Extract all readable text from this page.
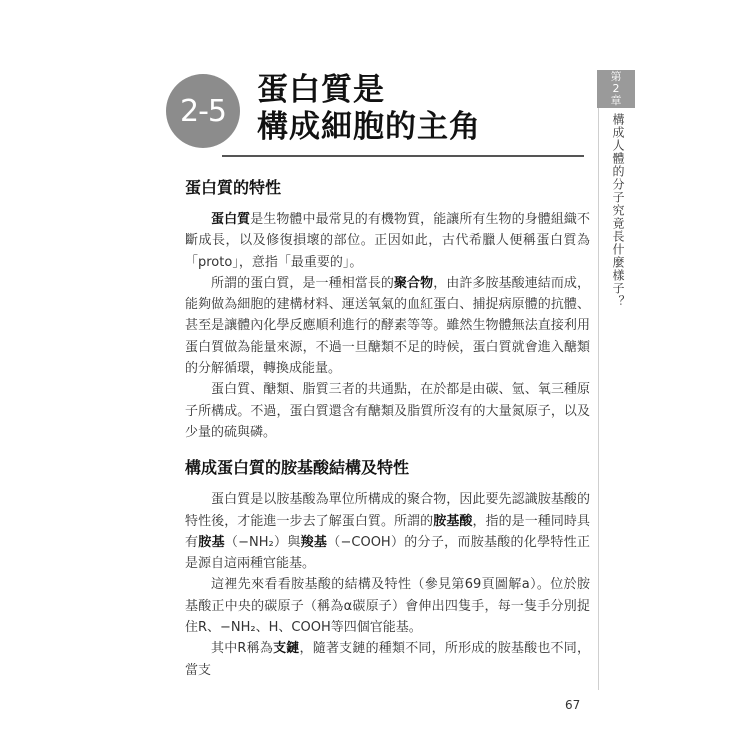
2-5
蛋白質是
構成細胞的主角
第
2
章
構成人體的分子究竟長什麼樣子？
蛋白質的特性

蛋白質是生物體中最常見的有機物質，能讓所有生物的身體組織不斷成長，以及修復損壞的部位。正因如此，古代希臘人便稱蛋白質為「proto」，意指「最重要的」。

所謂的蛋白質，是一種相當長的聚合物，由許多胺基酸連結而成，能夠做為細胞的建構材料、運送氧氣的血紅蛋白、捕捉病原體的抗體、甚至是讓體內化學反應順利進行的酵素等等。雖然生物體無法直接利用蛋白質做為能量來源，不過一旦醣類不足的時候，蛋白質就會進入醣類的分解循環，轉換成能量。

蛋白質、醣類、脂質三者的共通點，在於都是由碳、氫、氧三種原子所構成。不過，蛋白質還含有醣類及脂質所沒有的大量氮原子，以及少量的硫與磷。

構成蛋白質的胺基酸結構及特性

蛋白質是以胺基酸為單位所構成的聚合物，因此要先認識胺基酸的特性後，才能進一步去了解蛋白質。所謂的胺基酸，指的是一種同時具有胺基（−NH₂）與羧基（−COOH）的分子，而胺基酸的化學特性正是源自這兩種官能基。

這裡先來看看胺基酸的結構及特性（參見第69頁圖解a）。位於胺基酸正中央的碳原子（稱為α碳原子）會伸出四隻手，每一隻手分別捉住R、−NH₂、H、COOH等四個官能基。

其中R稱為支鏈，隨著支鏈的種類不同，所形成的胺基酸也不同，當支

67
